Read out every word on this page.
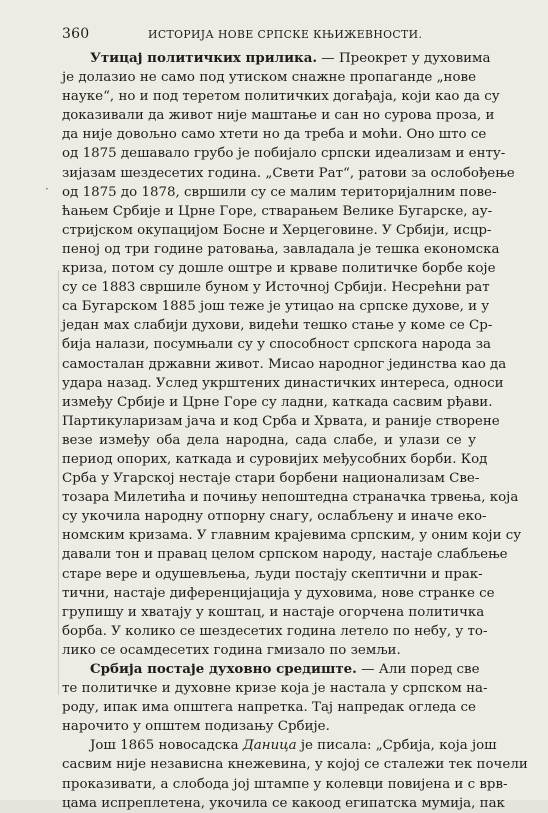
360	ИСТОРИЈА НОВЕ СРПСКЕ КЊИЖЕВНОСТИ.
·
Утицај политичких прилика. — Преокрет у духовима
је долазио не само под утиском снажне пропаганде „нове
науке“, но и под теретом политичких догађаја, који као да су
доказивали да живот није маштање и сан но сурова проза, и
да није довољно само хтети но да треба и моћи. Оно што се
од 1875 дешавало грубо је побијало српски идеализам и енту-
зијазам шездесетих година. „Свети Рат“, ратови за ослобођење
од 1875 до 1878, свршили су се малим територијалним пове-
ћањем Србије и Црне Горе, стварањем Велике Бугарске, ау-
стријском окупацијом Босне и Херцеговине. У Србији, исцр-
пеној од три године ратовања, завладала је тешка економска
криза, потом су дошле оштре и крваве политичке борбе које
су се 1883 свршиле буном у Источној Србији. Несрећни рат
са Бугарском 1885 још теже је утицао на српске духове, и у
један мах слабији духови, видећи тешко стање у коме се Ср-
бија налази, посумњали су у способност српскога народа за
самосталан државни живот. Мисао народног јединства као да
удара назад. Услед укрштених династичких интереса, односи
између Србије и Црне Горе су ладни, каткада сасвим рђави.
Партикуларизам јача и код Срба и Хрвата, и раније створене
везе између оба дела народна, сада слабе, и улази се у
период опорих, каткада и суровијих међусобних борби. Код
Срба у Угарској нестаје стари борбени национализам Све-
тозара Милетића и почињу непоштедна страначка трвења, која
су укочила народну отпорну снагу, ослабљену и иначе еко-
номским кризама. У главним крајевима српским, у оним који су
давали тон и правац целом српском народу, настаје слабљење
старе вере и одушевљења, људи постају скептични и прак-
тични, настаје диференцијација у духовима, нове странке се
групишу и хватају у коштац, и настаје огорчена политичка
борба. У колико се шездесетих година летело по небу, у то-
лико се осамдесетих година гмизало по земљи.
Србија постаје духовно средиште. — Али поред све
те политичке и духовне кризе која је настала у српском на-
роду, ипак има општега напретка. Тај напредак огледа се
нарочито у општем подизању Србије.
Још 1865 новосадска Даница је писала: „Србија, која још
сасвим није независна кнежевина, у којој се сталежи тек почели
проказивати, а слобода јој штампе у колевци повијена и с врв-
цама испреплетена, укочила се какоод египатска мумија, пак
